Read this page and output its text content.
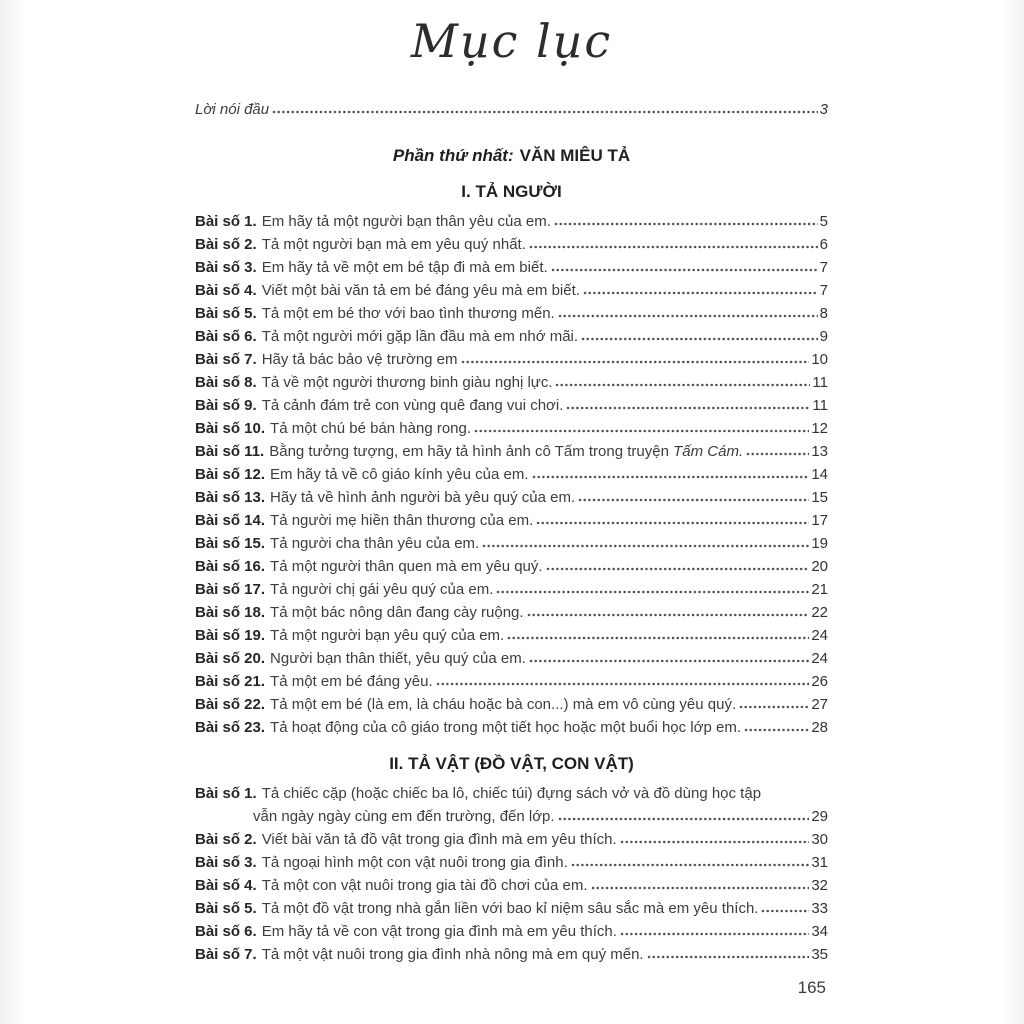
Mục lục
Lời nói đầu	3
Phần thứ nhất: VĂN MIÊU TẢ
I. TẢ NGƯỜI
Bài số 1. Em hãy tả một người bạn thân yêu của em.	5
Bài số 2. Tả một người bạn mà em yêu quý nhất.	6
Bài số 3. Em hãy tả về một em bé tập đi mà em biết.	7
Bài số 4. Viết một bài văn tả em bé đáng yêu mà em biết.	7
Bài số 5. Tả một em bé thơ với bao tình thương mến.	8
Bài số 6. Tả một người mới gặp lần đầu mà em nhớ mãi.	9
Bài số 7. Hãy tả bác bảo vệ trường em	10
Bài số 8. Tả về một người thương binh giàu nghị lực.	11
Bài số 9. Tả cảnh đám trẻ con vùng quê đang vui chơi.	11
Bài số 10. Tả một chú bé bán hàng rong.	12
Bài số 11. Bằng tưởng tượng, em hãy tả hình ảnh cô Tấm trong truyện Tấm Cám.	13
Bài số 12. Em hãy tả về cô giáo kính yêu của em.	14
Bài số 13. Hãy tả về hình ảnh người bà yêu quý của em.	15
Bài số 14. Tả người mẹ hiền thân thương của em.	17
Bài số 15. Tả người cha thân yêu của em.	19
Bài số 16. Tả một người thân quen mà em yêu quý.	20
Bài số 17. Tả người chị gái yêu quý của em.	21
Bài số 18. Tả một bác nông dân đang cày ruộng.	22
Bài số 19. Tả một người bạn yêu quý của em.	24
Bài số 20. Người bạn thân thiết, yêu quý của em.	24
Bài số 21. Tả một em bé đáng yêu.	26
Bài số 22. Tả một em bé (là em, là cháu hoặc bà con...) mà em vô cùng yêu quý.	27
Bài số 23. Tả hoạt động của cô giáo trong một tiết học hoặc một buổi học lớp em.	28
II. TẢ VẬT (ĐỒ VẬT, CON VẬT)
Bài số 1. Tả chiếc cặp (hoặc chiếc ba lô, chiếc túi) đựng sách vở và đồ dùng học tập
vẫn ngày ngày cùng em đến trường, đến lớp.	29
Bài số 2. Viết bài văn tả đồ vật trong gia đình mà em yêu thích.	30
Bài số 3. Tả ngoại hình một con vật nuôi trong gia đình.	31
Bài số 4. Tả một con vật nuôi trong gia tài đồ chơi của em.	32
Bài số 5. Tả một đồ vật trong nhà gắn liền với bao kỉ niệm sâu sắc mà em yêu thích.	33
Bài số 6. Em hãy tả về con vật trong gia đình mà em yêu thích.	34
Bài số 7. Tả một vật nuôi trong gia đình nhà nông mà em quý mến.	35
165
